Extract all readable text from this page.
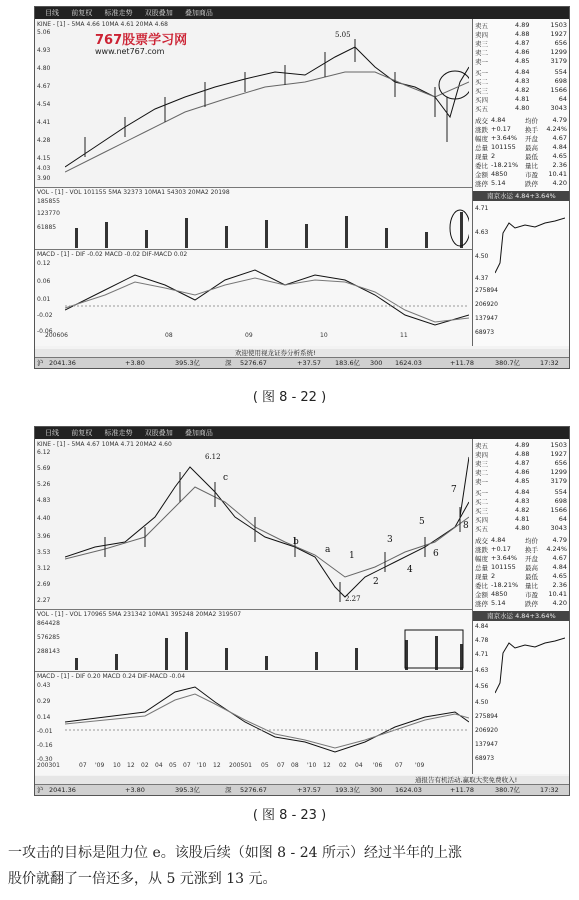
目线 前复权 标准走势 双股叠加 叠加商品
KINE - [1] - 5MA 4.66 10MA 4.61 20MA 4.68
767股票学习网
www.net767.com
5.06
4.93
4.80
4.67
4.54
4.41
4.28
4.15
4.03
3.90
5.05
VOL - [1] - VOL 101155 5MA 32373 10MA1 54303 20MA2 20198
185855
123770
61885
MACD - [1] - DIF -0.02 MACD -0.02 DIF-MACD 0.02
0.12
0.06
0.01
-0.02
-0.06
200606	08	09	10	11
卖五	4.89	1503
卖四	4.88	1927
卖三	4.87	656
卖二	4.86	1299
卖一	4.85	3179
买一	4.84	554
买二	4.83	698
买三	4.82	1566
买四	4.81	64
买五	4.80	3043
成交 4.84	均价 4.79
涨跌 +0.17 换手 4.24%
幅度 +3.64% 开盘 4.67
总量 101155 最高 4.84
现量 2	最低 4.65
委比 -18.21% 量比 2.36
金额 4850	市盈 10.41
涨停 5.14	跌停 4.20
南京水运 4.84+3.64%
4.71
4.63
4.50
4.37
275894
206920
137947
68973
欢迎使用视龙证券分析系统!
沪 2041.36	+3.80	395.3亿	深 5276.67	+37.57 183.6亿 300 1624.03	+11.78	380.7亿	17:32
( 图 8 - 22 )
日线 前复权 标准走势 双股叠加 叠加商品
KINE - [1] - 5MA 4.67 10MA 4.71 20MA2 4.60
6.12
5.69
5.26
4.83
4.40
3.96
3.53
3.12
2.69
2.27
6.12
2.27
c
b
a
1
2
3
4
5
6
7
8
VOL - [1] - VOL 170965 5MA 231342 10MA1 395248 20MA2 319507
864428
576285
288143
MACD - [1] - DIF 0.20 MACD 0.24 DIF-MACD -0.04
0.43
0.29
0.14
-0.01
-0.16
-0.30
200301	07 '09 10 12 02 04 05 07 '10 12 200501 05 07 08 '10 12 02 04 '06 07 '09
卖五	4.89	1503
卖四	4.88	1927
卖三	4.87	656
卖二	4.86	1299
卖一	4.85	3179
买一	4.84	554
买二	4.83	698
买三	4.82	1566
买四	4.81	64
买五	4.80	3043
成交 4.84	均价 4.79
涨跌 +0.17 换手 4.24%
幅度 +3.64% 开盘 4.67
总量 101155 最高 4.84
现量 2	最低 4.65
委比 -18.21% 量比 2.36
金额 4850	市盈 10.41
涨停 5.14	跌停 4.20
南京水运 4.84+3.64%
4.84
4.78
4.71
4.63
4.56
4.50
275894
206920
137947
68973
通报告有机活动,赢取大奖免费收入!
沪 2041.36	+3.80	395.3亿	深 5276.67	+37.57 193.3亿 300 1624.03	+11.78	380.7亿	17:32
( 图 8 - 23 )
一攻击的目标是阻力位 e。该股后续（如图 8 - 24 所示）经过半年的上涨
股价就翻了一倍还多，从 5 元涨到 13 元。
